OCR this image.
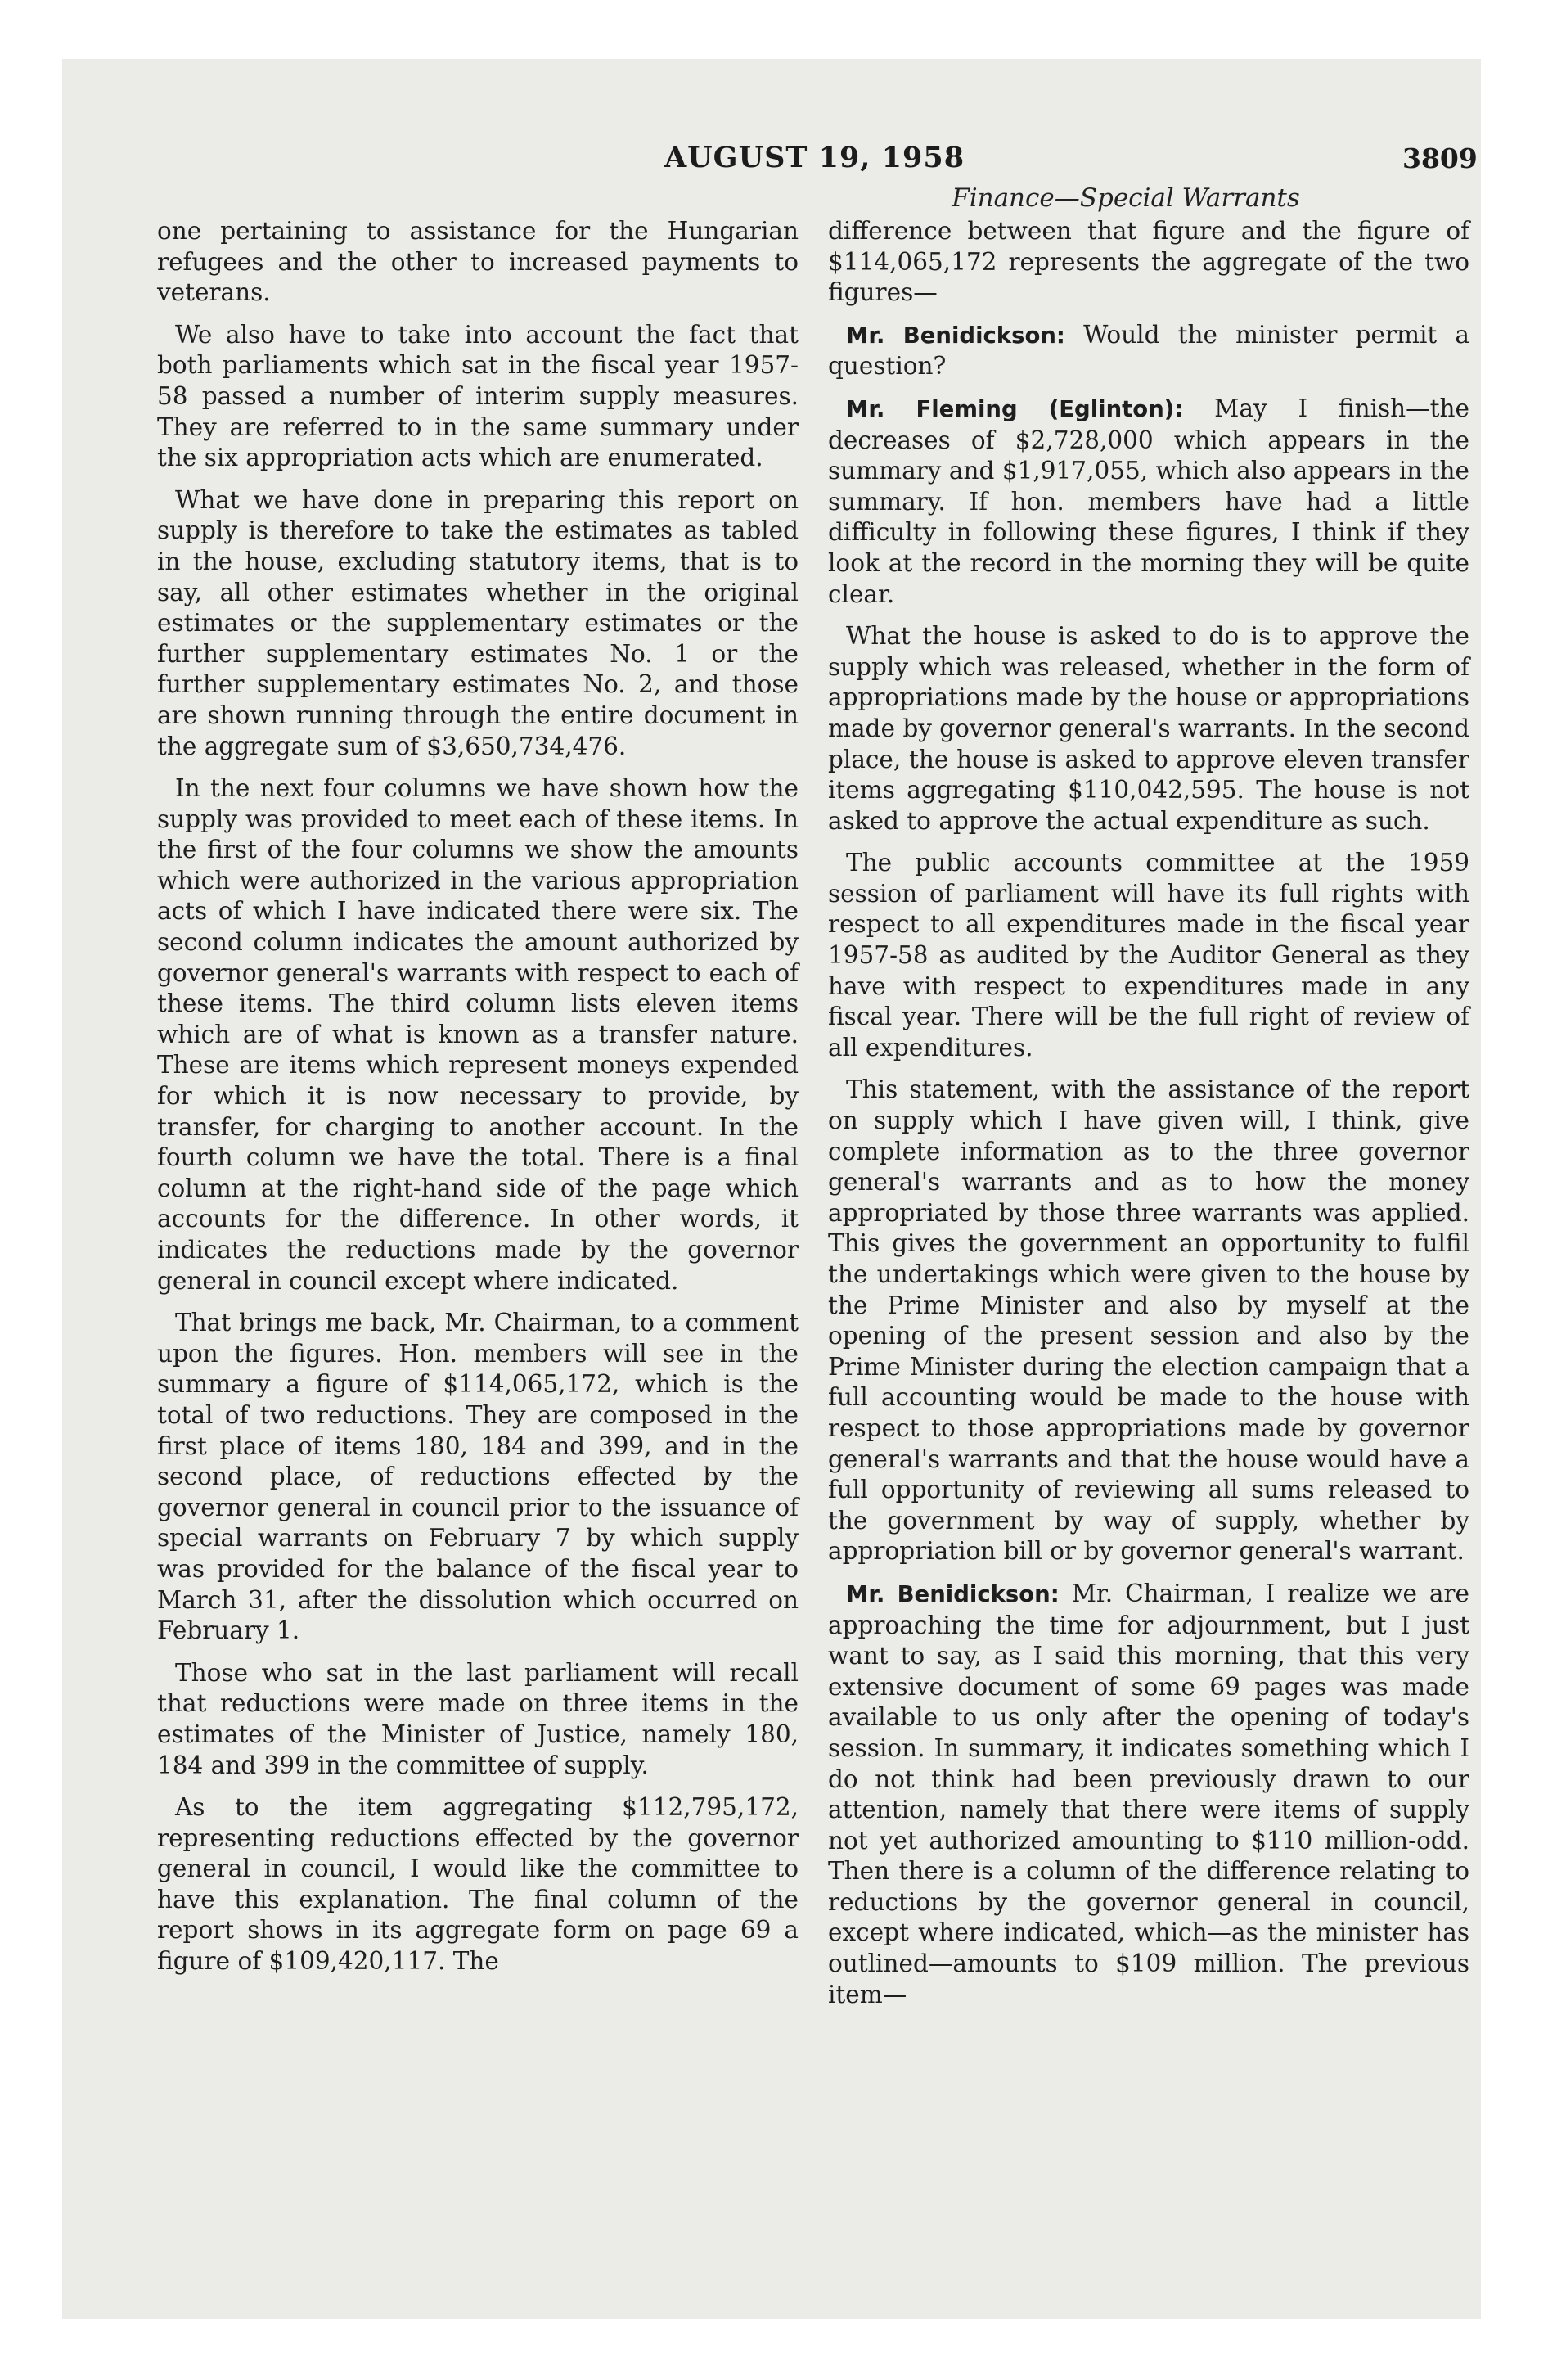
AUGUST 19, 1958	3809
Finance—Special Warrants

one pertaining to assistance for the Hungarian refugees and the other to increased payments to veterans.

We also have to take into account the fact that both parliaments which sat in the fiscal year 1957-58 passed a number of interim supply measures. They are referred to in the same summary under the six appropriation acts which are enumerated.

What we have done in preparing this report on supply is therefore to take the estimates as tabled in the house, excluding statutory items, that is to say, all other estimates whether in the original estimates or the supplementary estimates or the further supplementary estimates No. 1 or the further supplementary estimates No. 2, and those are shown running through the entire document in the aggregate sum of $3,650,734,476.

In the next four columns we have shown how the supply was provided to meet each of these items. In the first of the four columns we show the amounts which were authorized in the various appropriation acts of which I have indicated there were six. The second column indicates the amount authorized by governor general's warrants with respect to each of these items. The third column lists eleven items which are of what is known as a transfer nature. These are items which represent moneys expended for which it is now necessary to provide, by transfer, for charging to another account. In the fourth column we have the total. There is a final column at the right-hand side of the page which accounts for the difference. In other words, it indicates the reductions made by the governor general in council except where indicated.

That brings me back, Mr. Chairman, to a comment upon the figures. Hon. members will see in the summary a figure of $114,065,172, which is the total of two reductions. They are composed in the first place of items 180, 184 and 399, and in the second place, of reductions effected by the governor general in council prior to the issuance of special warrants on February 7 by which supply was provided for the balance of the fiscal year to March 31, after the dissolution which occurred on February 1.

Those who sat in the last parliament will recall that reductions were made on three items in the estimates of the Minister of Justice, namely 180, 184 and 399 in the committee of supply.

As to the item aggregating $112,795,172, representing reductions effected by the governor general in council, I would like the committee to have this explanation. The final column of the report shows in its aggregate form on page 69 a figure of $109,420,117. The

difference between that figure and the figure of $114,065,172 represents the aggregate of the two figures—

Mr. Benidickson: Would the minister permit a question?

Mr. Fleming (Eglinton): May I finish—the decreases of $2,728,000 which appears in the summary and $1,917,055, which also appears in the summary. If hon. members have had a little difficulty in following these figures, I think if they look at the record in the morning they will be quite clear.

What the house is asked to do is to approve the supply which was released, whether in the form of appropriations made by the house or appropriations made by governor general's warrants. In the second place, the house is asked to approve eleven transfer items aggregating $110,042,595. The house is not asked to approve the actual expenditure as such.

The public accounts committee at the 1959 session of parliament will have its full rights with respect to all expenditures made in the fiscal year 1957-58 as audited by the Auditor General as they have with respect to expenditures made in any fiscal year. There will be the full right of review of all expenditures.

This statement, with the assistance of the report on supply which I have given will, I think, give complete information as to the three governor general's warrants and as to how the money appropriated by those three warrants was applied. This gives the government an opportunity to fulfil the undertakings which were given to the house by the Prime Minister and also by myself at the opening of the present session and also by the Prime Minister during the election campaign that a full accounting would be made to the house with respect to those appropriations made by governor general's warrants and that the house would have a full opportunity of reviewing all sums released to the government by way of supply, whether by appropriation bill or by governor general's warrant.

Mr. Benidickson: Mr. Chairman, I realize we are approaching the time for adjournment, but I just want to say, as I said this morning, that this very extensive document of some 69 pages was made available to us only after the opening of today's session. In summary, it indicates something which I do not think had been previously drawn to our attention, namely that there were items of supply not yet authorized amounting to $110 million-odd. Then there is a column of the difference relating to reductions by the governor general in council, except where indicated, which—as the minister has outlined—amounts to $109 million. The previous item—
